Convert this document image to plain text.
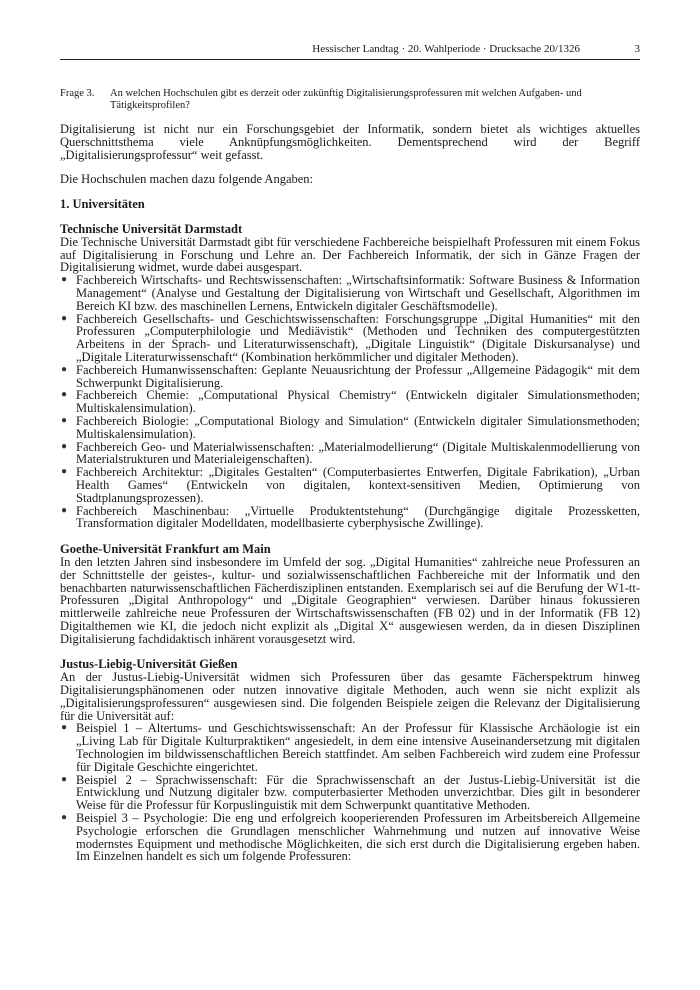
Hessischer Landtag · 20. Wahlperiode · Drucksache 20/1326	3
Frage 3.	An welchen Hochschulen gibt es derzeit oder zukünftig Digitalisierungsprofessuren mit welchen Aufgaben- und Tätigkeitsprofilen?

Digitalisierung ist nicht nur ein Forschungsgebiet der Informatik, sondern bietet als wichtiges aktuelles Querschnittsthema viele Anknüpfungsmöglichkeiten. Dementsprechend wird der Begriff „Digitalisierungsprofessur“ weit gefasst.

Die Hochschulen machen dazu folgende Angaben:

1. Universitäten
Technische Universität Darmstadt

Die Technische Universität Darmstadt gibt für verschiedene Fachbereiche beispielhaft Professuren mit einem Fokus auf Digitalisierung in Forschung und Lehre an. Der Fachbereich Informatik, der sich in Gänze Fragen der Digitalisierung widmet, wurde dabei ausgespart.

● Fachbereich Wirtschafts- und Rechtswissenschaften: „Wirtschaftsinformatik: Software Business & Information Management“ (Analyse und Gestaltung der Digitalisierung von Wirtschaft und Gesellschaft, Algorithmen im Bereich KI bzw. des maschinellen Lernens, Entwickeln digitaler Geschäftsmodelle).
● Fachbereich Gesellschafts- und Geschichtswissenschaften: Forschungsgruppe „Digital Humanities“ mit den Professuren „Computerphilologie und Mediävistik“ (Methoden und Techniken des computergestützten Arbeitens in der Sprach- und Literaturwissenschaft), „Digitale Linguistik“ (Digitale Diskursanalyse) und „Digitale Literaturwissenschaft“ (Kombination herkömmlicher und digitaler Methoden).
● Fachbereich Humanwissenschaften: Geplante Neuausrichtung der Professur „Allgemeine Pädagogik“ mit dem Schwerpunkt Digitalisierung.
● Fachbereich Chemie: „Computational Physical Chemistry“ (Entwickeln digitaler Simulationsmethoden; Multiskalensimulation).
● Fachbereich Biologie: „Computational Biology and Simulation“ (Entwickeln digitaler Simulationsmethoden; Multiskalensimulation).
● Fachbereich Geo- und Materialwissenschaften: „Materialmodellierung“ (Digitale Multiskalenmodellierung von Materialstrukturen und Materialeigenschaften).
● Fachbereich Architektur: „Digitales Gestalten“ (Computerbasiertes Entwerfen, Digitale Fabrikation), „Urban Health Games“ (Entwickeln von digitalen, kontext-sensitiven Medien, Optimierung von Stadtplanungsprozessen).
● Fachbereich Maschinenbau: „Virtuelle Produktentstehung“ (Durchgängige digitale Prozessketten, Transformation digitaler Modelldaten, modellbasierte cyberphysische Zwillinge).
Goethe-Universität Frankfurt am Main

In den letzten Jahren sind insbesondere im Umfeld der sog. „Digital Humanities“ zahlreiche neue Professuren an der Schnittstelle der geistes-, kultur- und sozialwissenschaftlichen Fachbereiche mit der Informatik und den benachbarten naturwissenschaftlichen Fächerdisziplinen entstanden. Exemplarisch sei auf die Berufung der W1-tt-Professuren „Digital Anthropology“ und „Digitale Geographien“ verwiesen. Darüber hinaus fokussieren mittlerweile zahlreiche neue Professuren der Wirtschaftswissenschaften (FB 02) und in der Informatik (FB 12) Digitalthemen wie KI, die jedoch nicht explizit als „Digital X“ ausgewiesen werden, da in diesen Disziplinen Digitalisierung fachdidaktisch inhärent vorausgesetzt wird.

Justus-Liebig-Universität Gießen

An der Justus-Liebig-Universität widmen sich Professuren über das gesamte Fächerspektrum hinweg Digitalisierungsphänomenen oder nutzen innovative digitale Methoden, auch wenn sie nicht explizit als „Digitalisierungsprofessuren“ ausgewiesen sind. Die folgenden Beispiele zeigen die Relevanz der Digitalisierung für die Universität auf:

● Beispiel 1 – Altertums- und Geschichtswissenschaft: An der Professur für Klassische Archäologie ist ein „Living Lab für Digitale Kulturpraktiken“ angesiedelt, in dem eine intensive Auseinandersetzung mit digitalen Technologien im bildwissenschaftlichen Bereich stattfindet. Am selben Fachbereich wird zudem eine Professur für Digitale Geschichte eingerichtet.
● Beispiel 2 – Sprachwissenschaft: Für die Sprachwissenschaft an der Justus-Liebig-Universität ist die Entwicklung und Nutzung digitaler bzw. computerbasierter Methoden unverzichtbar. Dies gilt in besonderer Weise für die Professur für Korpuslinguistik mit dem Schwerpunkt quantitative Methoden.
● Beispiel 3 – Psychologie: Die eng und erfolgreich kooperierenden Professuren im Arbeitsbereich Allgemeine Psychologie erforschen die Grundlagen menschlicher Wahrnehmung und nutzen auf innovative Weise modernstes Equipment und methodische Möglichkeiten, die sich erst durch die Digitalisierung ergeben haben. Im Einzelnen handelt es sich um folgende Professuren:
